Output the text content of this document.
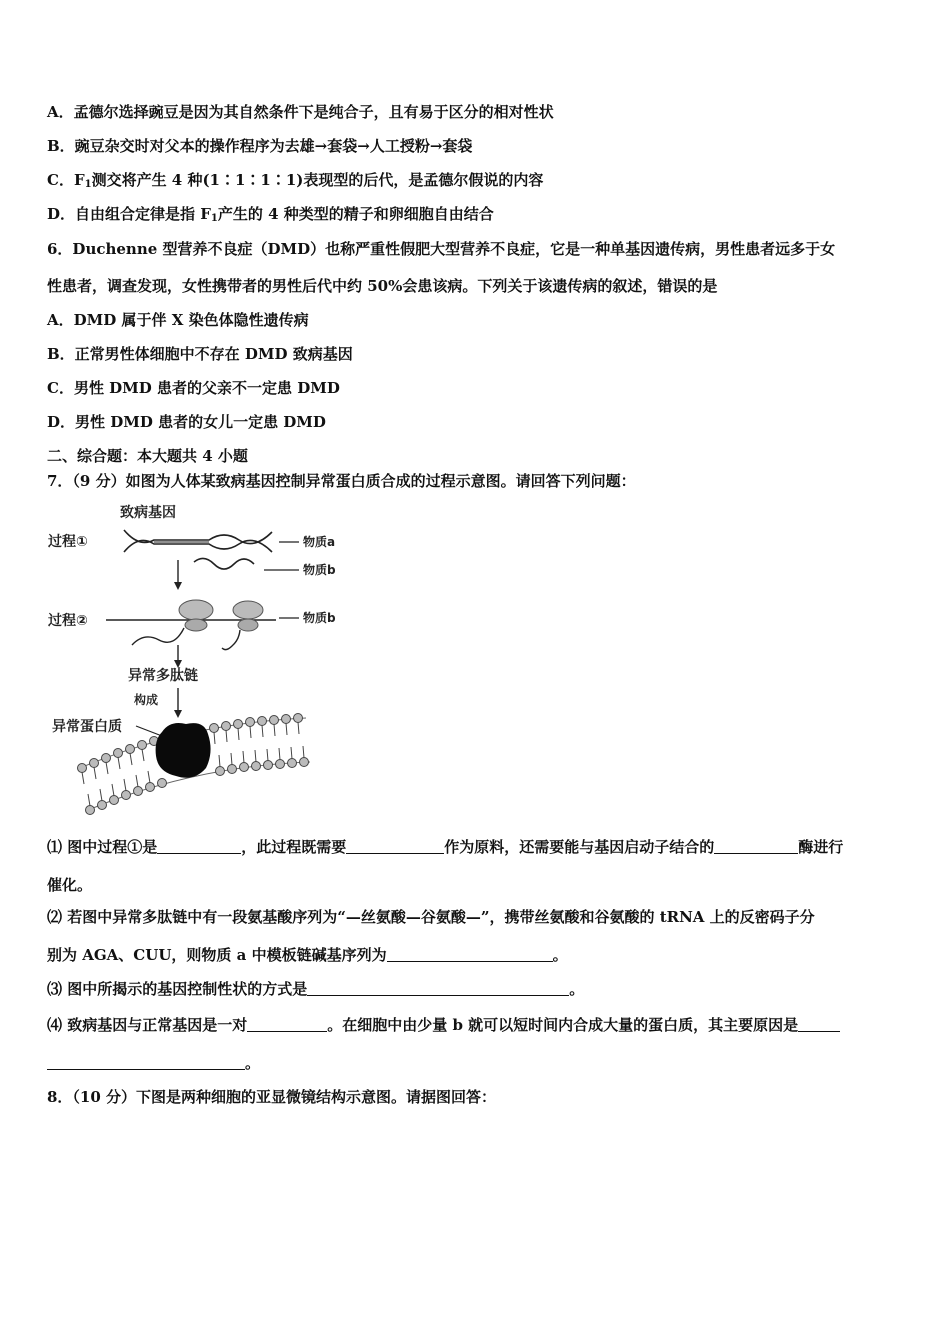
A．孟德尔选择豌豆是因为其自然条件下是纯合子，且有易于区分的相对性状
B．豌豆杂交时对父本的操作程序为去雄→套袋→人工授粉→套袋
C．$F_1$测交将产生 4 种(1∶1∶1∶1)表现型的后代，是孟德尔假说的内容
D．自由组合定律是指 $F_1$产生的 4 种类型的精子和卵细胞自由结合
6．Duchenne 型营养不良症（DMD）也称严重性假肥大型营养不良症，它是一种单基因遗传病，男性患者远多于女
性患者，调查发现，女性携带者的男性后代中约 50%会患该病。下列关于该遗传病的叙述，错误的是
A．DMD 属于伴 X 染色体隐性遗传病
B．正常男性体细胞中不存在 DMD 致病基因
C．男性 DMD 患者的父亲不一定患 DMD
D．男性 DMD 患者的女儿一定患 DMD
二、综合题：本大题共 4 小题
7．（9 分）如图为人体某致病基因控制异常蛋白质合成的过程示意图。请回答下列问题：
致病基因
过程①	物质a
物质b
过程②	物质b
异常多肽链
构成
异常蛋白质
⑴ 图中过程①是	，此过程既需要	作为原料，还需要能与基因启动子结合的	酶进行
催化。
⑵ 若图中异常多肽链中有一段氨基酸序列为“—丝氨酸—谷氨酸—”，携带丝氨酸和谷氨酸的 tRNA 上的反密码子分
别为 AGA、CUU，则物质 a 中模板链碱基序列为	。
⑶ 图中所揭示的基因控制性状的方式是	。
⑷ 致病基因与正常基因是一对	。在细胞中由少量 b 就可以短时间内合成大量的蛋白质，其主要原因是
。
8．（10 分）下图是两种细胞的亚显微镜结构示意图。请据图回答：
